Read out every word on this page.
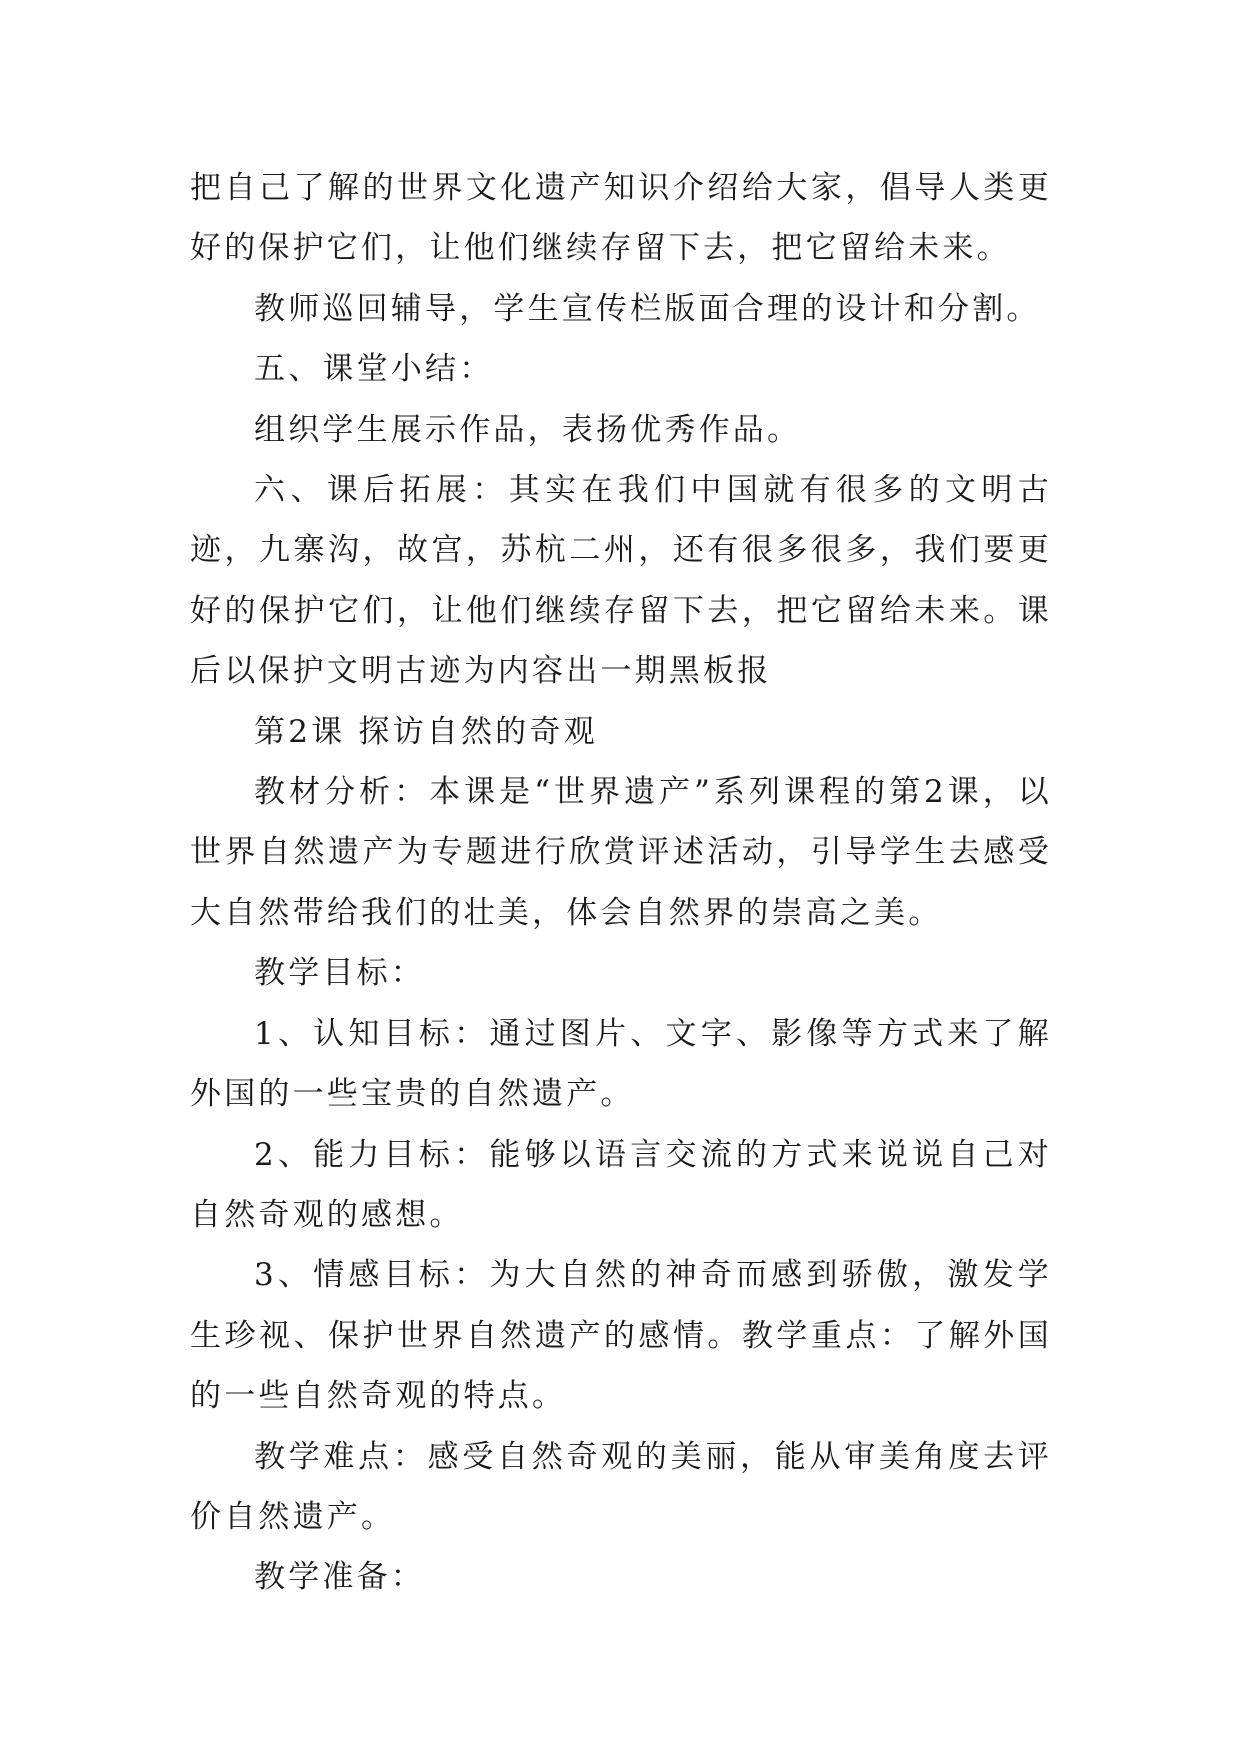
把自己了解的世界文化遗产知识介绍给大家，倡导人类更好的保护它们，让他们继续存留下去，把它留给未来。

教师巡回辅导，学生宣传栏版面合理的设计和分割。

五、课堂小结：

组织学生展示作品，表扬优秀作品。

六、课后拓展：其实在我们中国就有很多的文明古迹，九寨沟，故宫，苏杭二州，还有很多很多，我们要更好的保护它们，让他们继续存留下去，把它留给未来。课后以保护文明古迹为内容出一期黑板报

第2课 探访自然的奇观

教材分析：本课是“世界遗产”系列课程的第2课，以世界自然遗产为专题进行欣赏评述活动，引导学生去感受大自然带给我们的壮美，体会自然界的崇高之美。

教学目标：

1、认知目标：通过图片、文字、影像等方式来了解外国的一些宝贵的自然遗产。

2、能力目标：能够以语言交流的方式来说说自己对自然奇观的感想。

3、情感目标：为大自然的神奇而感到骄傲，激发学生珍视、保护世界自然遗产的感情。教学重点：了解外国的一些自然奇观的特点。

教学难点：感受自然奇观的美丽，能从审美角度去评价自然遗产。

教学准备：
